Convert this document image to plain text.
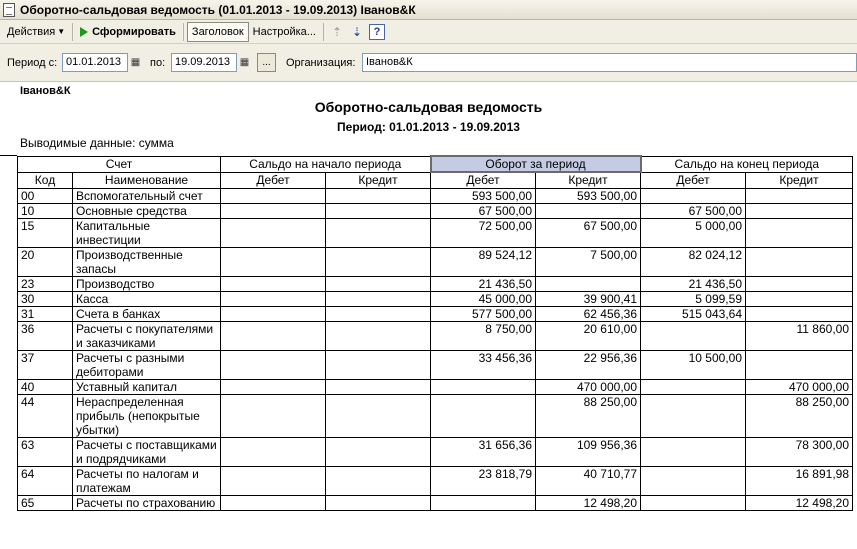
Оборотно-сальдовая ведомость (01.01.2013 - 19.09.2013) Іванов&К
Действия ▼ Сформировать	Заголовок Настройка...	⇡ ⇣	?
Период с: 01.01.2013 ▦ по: 19.09.2013 ▦	...	Организация: Іванов&К
Іванов&К
Оборотно-сальдовая ведомость
Период: 01.01.2013 - 19.09.2013
Выводимые данные: сумма
Счет		Сальдо на начало периода		Оборот за период		Сальдо на конец периода	
Код	Наименование	Дебет	Кредит	Дебет	Кредит	Дебет	Кредит
00	Вспомогательный счет			593 500,00	593 500,00		
10	Основные средства			67 500,00		67 500,00	
15	Капитальные инвестиции			72 500,00	67 500,00	5 000,00	
20	Производственные запасы			89 524,12	7 500,00	82 024,12	
23	Производство			21 436,50		21 436,50	
30	Касса			45 000,00	39 900,41	5 099,59	
31	Счета в банках			577 500,00	62 456,36	515 043,64	
36	Расчеты с покупателями и заказчиками			8 750,00	20 610,00		11 860,00
37	Расчеты с разными дебиторами			33 456,36	22 956,36	10 500,00	
40	Уставный капитал				470 000,00		470 000,00
44	Нераспределенная прибыль (непокрытые убытки)				88 250,00		88 250,00
63	Расчеты с поставщиками и подрядчиками			31 656,36	109 956,36		78 300,00
64	Расчеты по налогам и платежам			23 818,79	40 710,77		16 891,98
65	Расчеты по страхованию				12 498,20		12 498,20
